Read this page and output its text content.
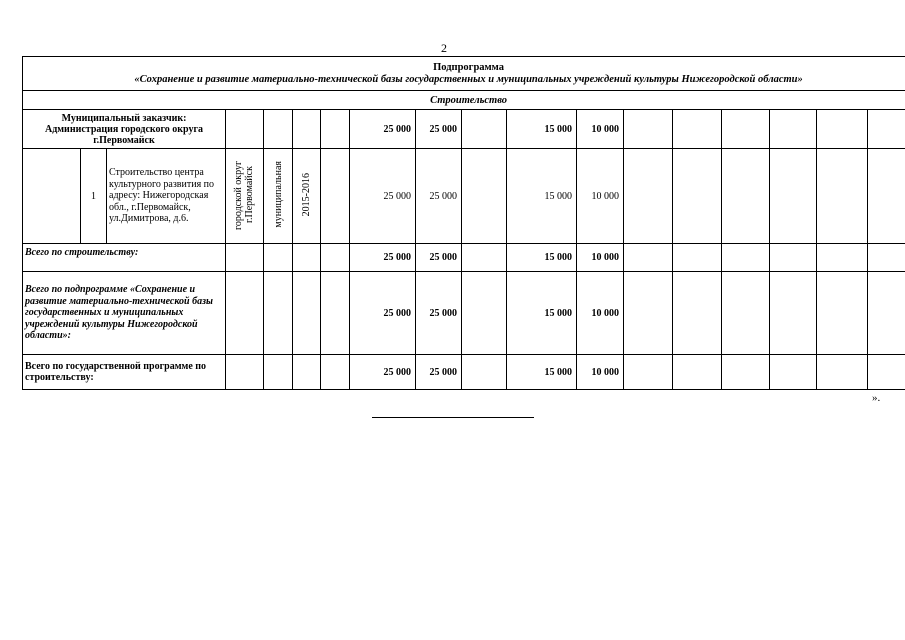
2
Подпрограмма
«Сохранение и развитие материально-технической базы государственных и муниципальных учреждений культуры Нижегородской области»																	

Строительство																	
Муниципальный заказчик: Администрация городского округа г.Первомайск							25 000	25 000		15 000	10 000						
	1	Строительство центра культурного развития по адресу: Нижегородская обл., г.Первомайск, ул.Димитрова, д.6.	городской округ г.Первомайск	муниципальная	2015-2016		25 000	25 000		15 000	10 000						
Всего по строительству:							25 000	25 000		15 000	10 000						
Всего по подпрограмме «Сохранение и развитие материально-технической базы государственных и муниципальных учреждений культуры Нижегородской области»:							25 000	25 000		15 000	10 000						
Всего по государственной программе по строительству:							25 000	25 000		15 000	10 000						
».
